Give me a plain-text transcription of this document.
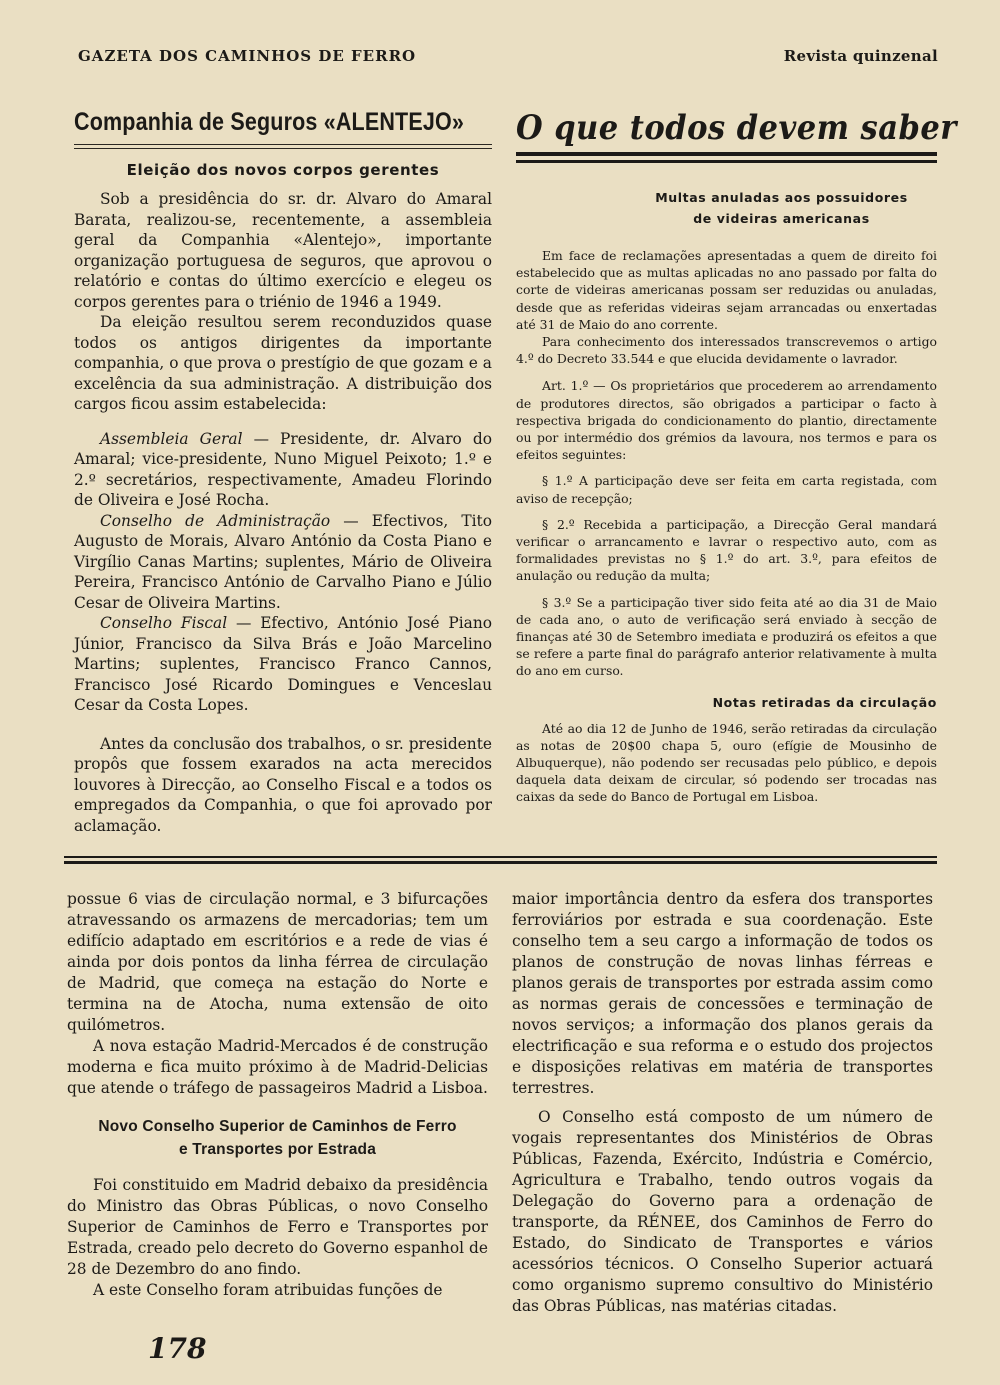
GAZETA DOS CAMINHOS DE FERRO	Revista quinzenal
Companhia de Seguros «ALENTEJO»
Eleição dos novos corpos gerentes

Sob a presidência do sr. dr. Alvaro do Amaral Barata, realizou-se, recentemente, a assembleia geral da Companhia «Alentejo», importante organização portuguesa de seguros, que aprovou o relatório e contas do último exercício e elegeu os corpos gerentes para o triénio de 1946 a 1949.

Da eleição resultou serem reconduzidos quase todos os antigos dirigentes da importante companhia, o que prova o prestígio de que gozam e a excelência da sua administração. A distribuição dos cargos ficou assim estabelecida:

Assembleia Geral — Presidente, dr. Alvaro do Amaral; vice-presidente, Nuno Miguel Peixoto; 1.º e 2.º secretários, respectivamente, Amadeu Florindo de Oliveira e José Rocha.

Conselho de Administração — Efectivos, Tito Augusto de Morais, Alvaro António da Costa Piano e Virgílio Canas Martins; suplentes, Mário de Oliveira Pereira, Francisco António de Carvalho Piano e Júlio Cesar de Oliveira Martins.

Conselho Fiscal — Efectivo, António José Piano Júnior, Francisco da Silva Brás e João Marcelino Martins; suplentes, Francisco Franco Cannos, Francisco José Ricardo Domingues e Venceslau Cesar da Costa Lopes.

Antes da conclusão dos trabalhos, o sr. presidente propôs que fossem exarados na acta merecidos louvores à Direcção, ao Conselho Fiscal e a todos os empregados da Companhia, o que foi aprovado por aclamação.

O que todos devem saber
Multas anuladas aos possuidores
de videiras americanas

Em face de reclamações apresentadas a quem de direito foi estabelecido que as multas aplicadas no ano passado por falta do corte de videiras americanas possam ser reduzidas ou anuladas, desde que as referidas videiras sejam arrancadas ou enxertadas até 31 de Maio do ano corrente.

Para conhecimento dos interessados transcrevemos o artigo 4.º do Decreto 33.544 e que elucida devidamente o lavrador.

Art. 1.º — Os proprietários que procederem ao arrendamento de produtores directos, são obrigados a participar o facto à respectiva brigada do condicionamento do plantio, directamente ou por intermédio dos grémios da lavoura, nos termos e para os efeitos seguintes:

§ 1.º A participação deve ser feita em carta registada, com aviso de recepção;

§ 2.º Recebida a participação, a Direcção Geral mandará verificar o arrancamento e lavrar o respectivo auto, com as formalidades previstas no § 1.º do art. 3.º, para efeitos de anulação ou redução da multa;

§ 3.º Se a participação tiver sido feita até ao dia 31 de Maio de cada ano, o auto de verificação será enviado à secção de finanças até 30 de Setembro imediata e produzirá os efeitos a que se refere a parte final do parágrafo anterior relativamente à multa do ano em curso.

Notas retiradas da circulação

Até ao dia 12 de Junho de 1946, serão retiradas da circulação as notas de 20$00 chapa 5, ouro (efígie de Mousinho de Albuquerque), não podendo ser recusadas pelo público, e depois daquela data deixam de circular, só podendo ser trocadas nas caixas da sede do Banco de Portugal em Lisboa.

possue 6 vias de circulação normal, e 3 bifurcações atravessando os armazens de mercadorias; tem um edifício adaptado em escritórios e a rede de vias é ainda por dois pontos da linha férrea de circulação de Madrid, que começa na estação do Norte e termina na de Atocha, numa extensão de oito quilómetros.

A nova estação Madrid-Mercados é de construção moderna e fica muito próximo à de Madrid-Delicias que atende o tráfego de passageiros Madrid a Lisboa.

Novo Conselho Superior de Caminhos de Ferro
e Transportes por Estrada

Foi constituido em Madrid debaixo da presidência do Ministro das Obras Públicas, o novo Conselho Superior de Caminhos de Ferro e Transportes por Estrada, creado pelo decreto do Governo espanhol de 28 de Dezembro do ano findo.

A este Conselho foram atribuidas funções de

maior importância dentro da esfera dos transportes ferroviários por estrada e sua coordenação. Este conselho tem a seu cargo a informação de todos os planos de construção de novas linhas férreas e planos gerais de transportes por estrada assim como as normas gerais de concessões e terminação de novos serviços; a informação dos planos gerais da electrificação e sua reforma e o estudo dos projectos e disposições relativas em matéria de transportes terrestres.

O Conselho está composto de um número de vogais representantes dos Ministérios de Obras Públicas, Fazenda, Exército, Indústria e Comércio, Agricultura e Trabalho, tendo outros vogais da Delegação do Governo para a ordenação de transporte, da RÉNEE, dos Caminhos de Ferro do Estado, do Sindicato de Transportes e vários acessórios técnicos. O Conselho Superior actuará como organismo supremo consultivo do Ministério das Obras Públicas, nas matérias citadas.

178
